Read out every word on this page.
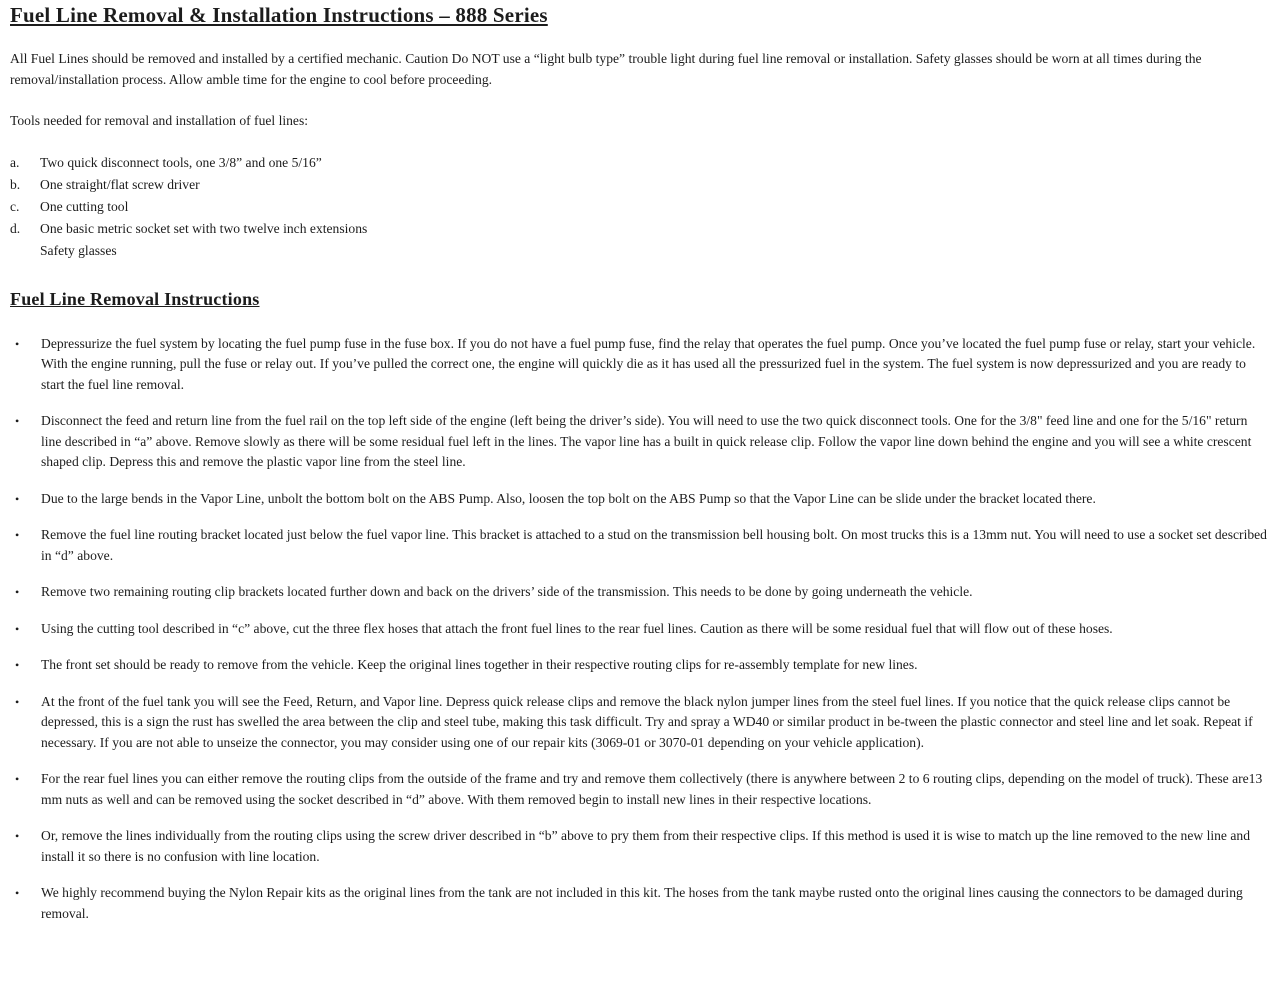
Fuel Line Removal & Installation Instructions – 888 Series

All Fuel Lines should be removed and installed by a certified mechanic. Caution Do NOT use a “light bulb type” trouble light during fuel line removal or installation. Safety glasses should be worn at all times during the removal/installation process. Allow amble time for the engine to cool before proceeding.

Tools needed for removal and installation of fuel lines:

a.	Two quick disconnect tools, one 3/8” and one 5/16”
b.	One straight/flat screw driver
c.	One cutting tool
d.	One basic metric socket set with two twelve inch extensions
Safety glasses
Fuel Line Removal Instructions
•	Depressurize the fuel system by locating the fuel pump fuse in the fuse box. If you do not have a fuel pump fuse, find the relay that operates the fuel pump. Once you’ve located the fuel pump fuse or relay, start your vehicle. With the engine running, pull the fuse or relay out. If you’ve pulled the correct one, the engine will quickly die as it has used all the pressurized fuel in the system. The fuel system is now depressurized and you are ready to start the fuel line removal.
•	Disconnect the feed and return line from the fuel rail on the top left side of the engine (left being the driver’s side). You will need to use the two quick disconnect tools. One for the 3/8" feed line and one for the 5/16" return line described in “a” above. Remove slowly as there will be some residual fuel left in the lines. The vapor line has a built in quick release clip. Follow the vapor line down behind the engine and you will see a white crescent shaped clip. Depress this and remove the plastic vapor line from the steel line.
•	Due to the large bends in the Vapor Line, unbolt the bottom bolt on the ABS Pump. Also, loosen the top bolt on the ABS Pump so that the Vapor Line can be slide under the bracket located there.
•	Remove the fuel line routing bracket located just below the fuel vapor line. This bracket is attached to a stud on the transmission bell housing bolt. On most trucks this is a 13mm nut. You will need to use a socket set described in “d” above.
•	Remove two remaining routing clip brackets located further down and back on the drivers’ side of the transmission. This needs to be done by going underneath the vehicle.
•	Using the cutting tool described in “c” above, cut the three flex hoses that attach the front fuel lines to the rear fuel lines. Caution as there will be some residual fuel that will flow out of these hoses.
•	The front set should be ready to remove from the vehicle. Keep the original lines together in their respective routing clips for re-assembly template for new lines.
•	At the front of the fuel tank you will see the Feed, Return, and Vapor line. Depress quick release clips and remove the black nylon jumper lines from the steel fuel lines. If you notice that the quick release clips cannot be depressed, this is a sign the rust has swelled the area between the clip and steel tube, making this task difficult. Try and spray a WD40 or similar product in be-tween the plastic connector and steel line and let soak. Repeat if necessary. If you are not able to unseize the connector, you may consider using one of our repair kits (3069-01 or 3070-01 depending on your vehicle application).
•	For the rear fuel lines you can either remove the routing clips from the outside of the frame and try and remove them collectively (there is anywhere between 2 to 6 routing clips, depending on the model of truck). These are13 mm nuts as well and can be removed using the socket described in “d” above. With them removed begin to install new lines in their respective locations.
•	Or, remove the lines individually from the routing clips using the screw driver described in “b” above to pry them from their respective clips. If this method is used it is wise to match up the line removed to the new line and install it so there is no confusion with line location.
•	We highly recommend buying the Nylon Repair kits as the original lines from the tank are not included in this kit. The hoses from the tank maybe rusted onto the original lines causing the connectors to be damaged during removal.
